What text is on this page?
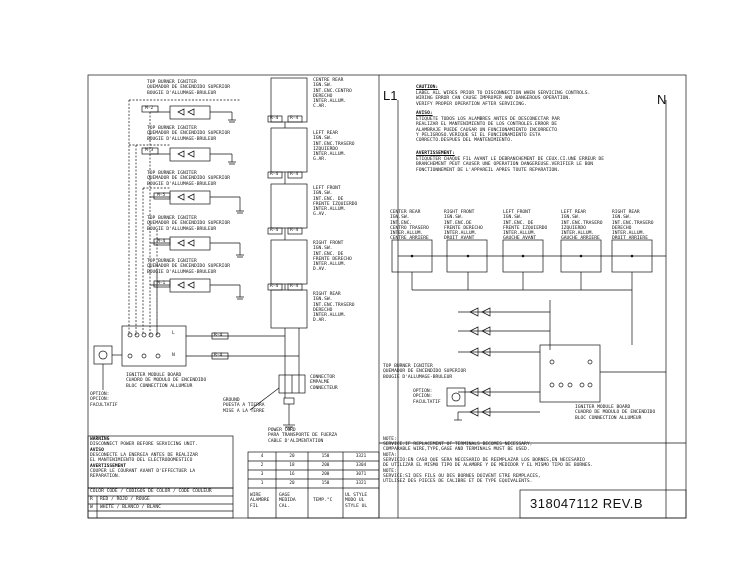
TOP BURNER IGNITER
QUEMADOR DE ENCENDIDO SUPERIOR
BOUGIE D'ALLUMAGE-BRULEUR
M-2
TOP BURNER IGNITER
QUEMADOR DE ENCENDIDO SUPERIOR
BOUGIE D'ALLUMAGE-BRULEUR
M-3
TOP BURNER IGNITER
QUEMADOR DE ENCENDIDO SUPERIOR
BOUGIE D'ALLUMAGE-BRULEUR
M-5
TOP BURNER IGNITER
QUEMADOR DE ENCENDIDO SUPERIOR
BOUGIE D'ALLUMAGE-BRULEUR
M-4
TOP BURNER IGNITER
QUEMADOR DE ENCENDIDO SUPERIOR
BOUGIE D'ALLUMAGE-BRULEUR
M-1
CENTRE REAR
IGN.SW.
INT.ENC.CENTRO
DERECHO
INTER.ALLUM.
C.AR.
LEFT REAR
IGN.SW.
INT.ENC.TRASERO
IZQUIERDO
INTER.ALLUM.
G.AR.
LEFT FRONT
IGN.SW.
INT.ENC. DE
FRENTE IZQUIERDO
INTER.ALLUM.
G.AV.
RIGHT FRONT
IGN.SW.
INT.ENC. DE
FRENTE DERECHO
INTER.ALLUM.
D.AV.
RIGHT REAR
IGN.SW.
INT.ENC.TRASERO
DERECHO
INTER.ALLUM.
D.AR.
R-4	R-4
R-4	R-4
R-4	R-4
R-4	R-4
R-4
R-4
L
N
IGNITER MODULE BOARD
CUADRO DE MODULO DE ENCENDIDO
BLOC CONNECTION ALLUMEUR
OPTION:
OPCION:
FACULTATIF
GROUND
PUESTA A TIERRA
MISE A LA TERRE
CONNECTOR
EMPALME
CONNECTEUR
POWER CORD
PARA TRANSPORTE DE FUERZA
CABLE D'ALIMENTATION
WARNING
DISCONNECT POWER BEFORE SERVICING UNIT.
AVISO
DESCONECTE LA ENERGIA ANTES DE REALIZAR
EL MANTENIMIENTO DEL ELECTRODOMESTICO
AVERTISSEMENT
COUPER LE COURANT AVANT D'EFFECTUER LA
REPARATION.
COLOR CODE / CODIGOS DE COLOR / CODE COULEUR
R RED / ROJO / ROUGE
W WHITE / BLANCO / BLANC
4	20	150	3321
2	18	200	3304
3	16	200	3071
1	20	150	3321
WIRE
ALAMBRE
FIL
GAGE
MEDIDA
CAL.
TEMP.°C
UL STYLE
MODO UL
STYLE UL
L1	N
CAUTION:
LABEL ALL WIRES PRIOR TO DISCONNECTION WHEN SERVICING CONTROLS.
WIRING ERROR CAN CAUSE IMPROPER AND DANGEROUS OPERATION.
VERIFY PROPER OPERATION AFTER SERVICING.
AVISO:
ETIQUETE TODOS LOS ALAMBRES ANTES DE DESCONECTAR PAR
REALIZAR EL MANTENIMIENTO DE LOS CONTROLES.ERROR DE
ALAMBRAJE PUEDE CAUSAR UN FUNCIONAMIENTO INCORRECTO
Y PELIGROSO.VERIQUE SI EL FUNCIONAMIENTO ESTA
CORRECTO.DESPUES DEL MANTENIMIENTO.
AVERTISSEMENT:
ETIQUETER CHAQUE FIL AVANT LE DEBRANCHEMENT DE CEUX.CI.UNE ERREUR DE
BRANCHEMENT PEUT CAUSER UNE OPERATION DANGEREUSE.VERIFIER LE BON
FONCTIONNEMENT DE L'APPAREIL APRES TOUTE REPARATION.
CENTER REAR
IGN.SW.
INT.ENC.
CENTRO TRASERO
INTER.ALLUM.
CENTRE ARRIERE
RIGHT FRONT
IGN.SW.
INT.ENC.DE
FRENTE DERECHO
INTER.ALLUM.
DROIT AVANT
LEFT FRONT
IGN.SW.
INT.ENC. DE
FRENTE IZQUIERDO
INTER.ALLUM.
GAUCHE AVANT
LEFT REAR
IGN.SW.
INT.ENC.TRASERO
IZQUIERDO
INTER.ALLUM.
GAUCHE ARRIERE
RIGHT REAR
IGN.SW.
INT.ENC.TRASERO
DERECHO
INTER.ALLUM.
DROIT ARRIERE
TOP BURNER IGNITER
QUEMADOR DE ENCENDIDO SUPERIOR
BOUGIE D'ALLUMAGE-BRULEUR
OPTION:
OPCION:
FACULTATIF
IGNITER MODULE BOARD
CUADRO DE MODULO DE ENCENDIDO
BLOC CONNECTION ALLUMEUR
NOTE:
SERVICE:IF REPLACEMENT OF TERMINALS BECOMES NECESSARY,
COMPARABLE WIRE,TYPE,GAGE AND TERMINALS MUST BE USED.
NOTA:
SERVICIO:EN CASO QUE SERA NECESARIO DE REEMPLAZAR LOS BORNES,EN NECESARIO
DE UTILIZAR EL MISMO TIPO DE ALAMBRE Y DE MEDIDOR Y EL MISMO TIPO DE BORNES.
NOTE:
SERVICE:SI DES FILS OU DES BORNES DOIVENT ETRE REMPLACES,
UTILISEZ DES PIECES DE CALIBRE ET DE TYPE EQUIVALENTS.
318047112 REV.B
